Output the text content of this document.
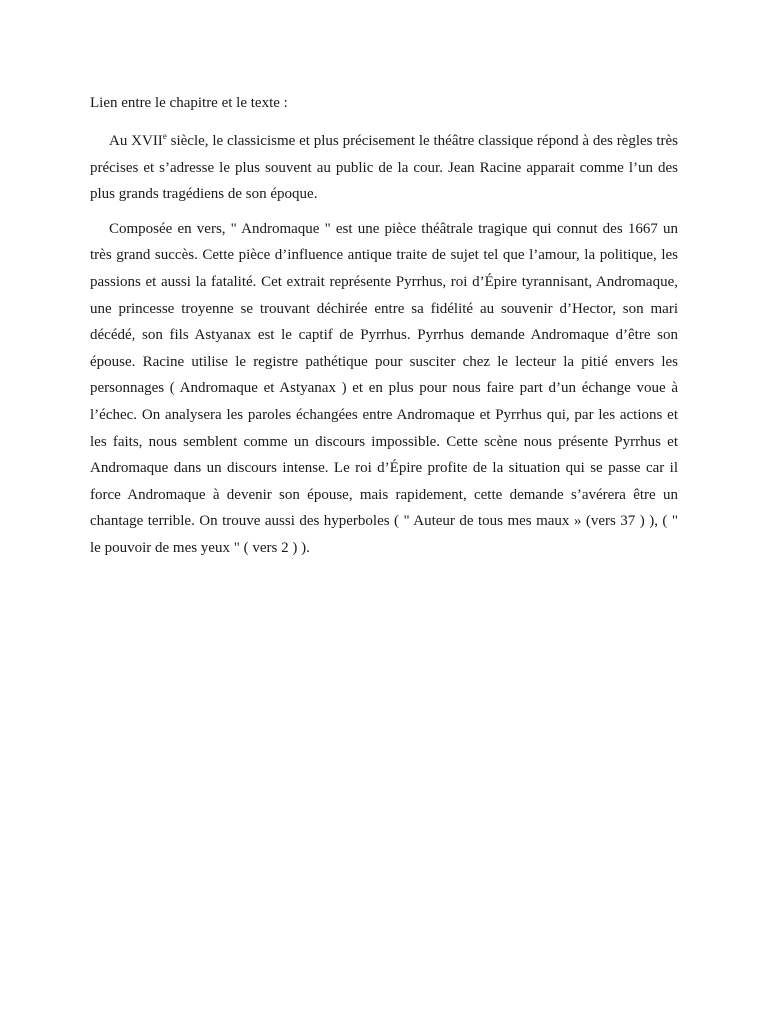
Lien entre le chapitre et le texte :

Au XVIIe siècle, le classicisme et plus précisement le théâtre classique répond à des règles très précises et s’adresse le plus souvent au public de la cour. Jean Racine apparait comme l’un des plus grands tragédiens de son époque.

Composée en vers, " Andromaque " est une pièce théâtrale tragique qui connut des 1667 un très grand succès. Cette pièce d’influence antique traite de sujet tel que l’amour, la politique, les passions et aussi la fatalité. Cet extrait représente Pyrrhus, roi d’Épire tyrannisant, Andromaque, une princesse troyenne se trouvant déchirée entre sa fidélité au souvenir d’Hector, son mari décédé, son fils Astyanax est le captif de Pyrrhus. Pyrrhus demande Andromaque d’être son épouse. Racine utilise le registre pathétique pour susciter chez le lecteur la pitié envers les personnages ( Andromaque et Astyanax ) et en plus pour nous faire part d’un échange voue à l’échec. On analysera les paroles échangées entre Andromaque et Pyrrhus qui, par les actions et les faits, nous semblent comme un discours impossible. Cette scène nous présente Pyrrhus et Andromaque dans un discours intense. Le roi d’Épire profite de la situation qui se passe car il force Andromaque à devenir son épouse, mais rapidement, cette demande s’avérera être un chantage terrible. On trouve aussi des hyperboles ( " Auteur de tous mes maux » (vers 37 ) ), ( " le pouvoir de mes yeux " ( vers 2 ) ).
